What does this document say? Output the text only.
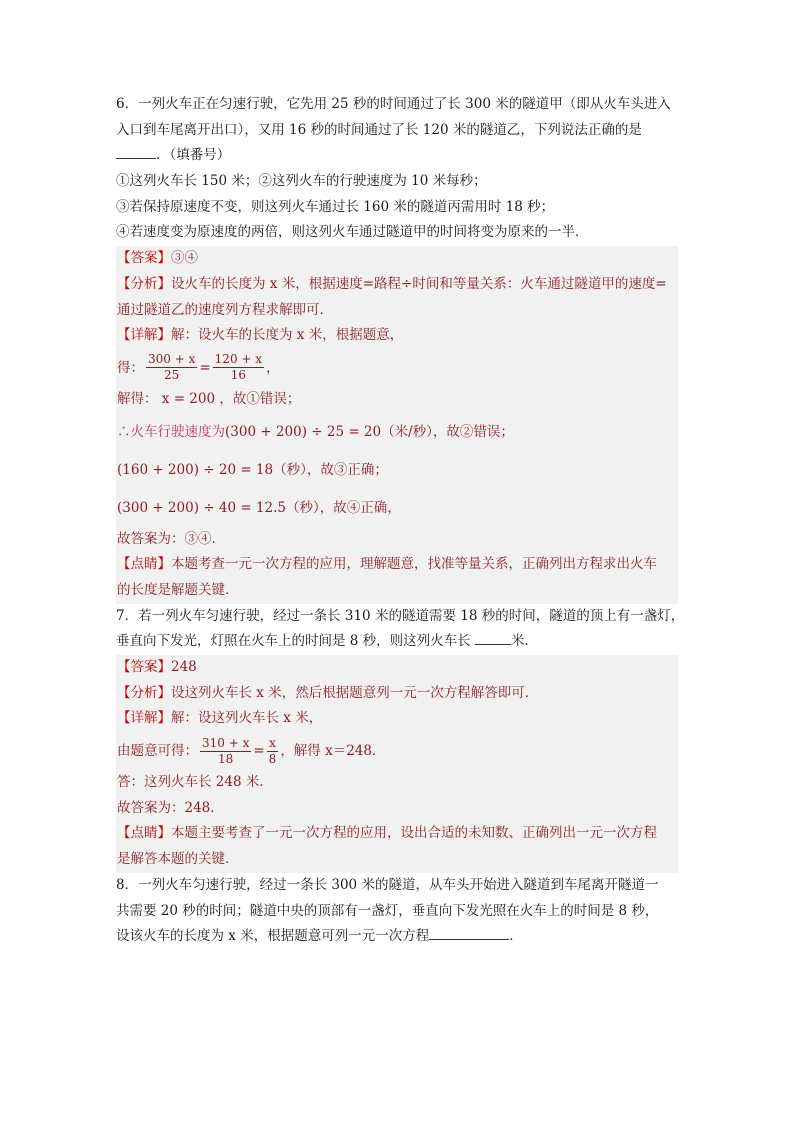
6．一列火车正在匀速行驶，它先用 25 秒的时间通过了长 300 米的隧道甲（即从火车头进入
入口到车尾离开出口），又用 16 秒的时间通过了长 120 米的隧道乙，下列说法正确的是
．（填番号）
①这列火车长 150 米；②这列火车的行驶速度为 10 米每秒；
③若保持原速度不变，则这列火车通过长 160 米的隧道丙需用时 18 秒；
④若速度变为原速度的两倍，则这列火车通过隧道甲的时间将变为原来的一半．
【答案】③④
【分析】设火车的长度为 x 米，根据速度=路程÷时间和等量关系：火车通过隧道甲的速度=
通过隧道乙的速度列方程求解即可．
【详解】解：设火车的长度为 x 米，根据题意，
得： $\frac{300 + x}{25} = \frac{120 + x}{16}$ ，
解得： x = 200 ，故①错误；
∴火车行驶速度为 (300 + 200) ÷ 25 = 20（米/秒），故②错误；
(160 + 200) ÷ 20 = 18（秒），故③正确；
(300 + 200) ÷ 40 = 12.5（秒），故④正确，
故答案为：③④．
【点睛】本题考查一元一次方程的应用，理解题意，找准等量关系，正确列出方程求出火车
的长度是解题关键．
7．若一列火车匀速行驶，经过一条长 310 米的隧道需要 18 秒的时间，隧道的顶上有一盏灯，
垂直向下发光，灯照在火车上的时间是 8 秒，则这列火车长	米．
【答案】248
【分析】设这列火车长 x 米，然后根据题意列一元一次方程解答即可．
【详解】解：设这列火车长 x 米，
由题意可得： $\frac{310 + x}{18} = \frac{x}{8}$ ，解得 x＝248．
答：这列火车长 248 米．
故答案为：248．
【点睛】本题主要考查了一元一次方程的应用，设出合适的未知数、正确列出一元一次方程
是解答本题的关键．
8．一列火车匀速行驶，经过一条长 300 米的隧道，从车头开始进入隧道到车尾离开隧道一
共需要 20 秒的时间；隧道中央的顶部有一盏灯，垂直向下发光照在火车上的时间是 8 秒，
设该火车的长度为 x 米，根据题意可列一元一次方程	．
